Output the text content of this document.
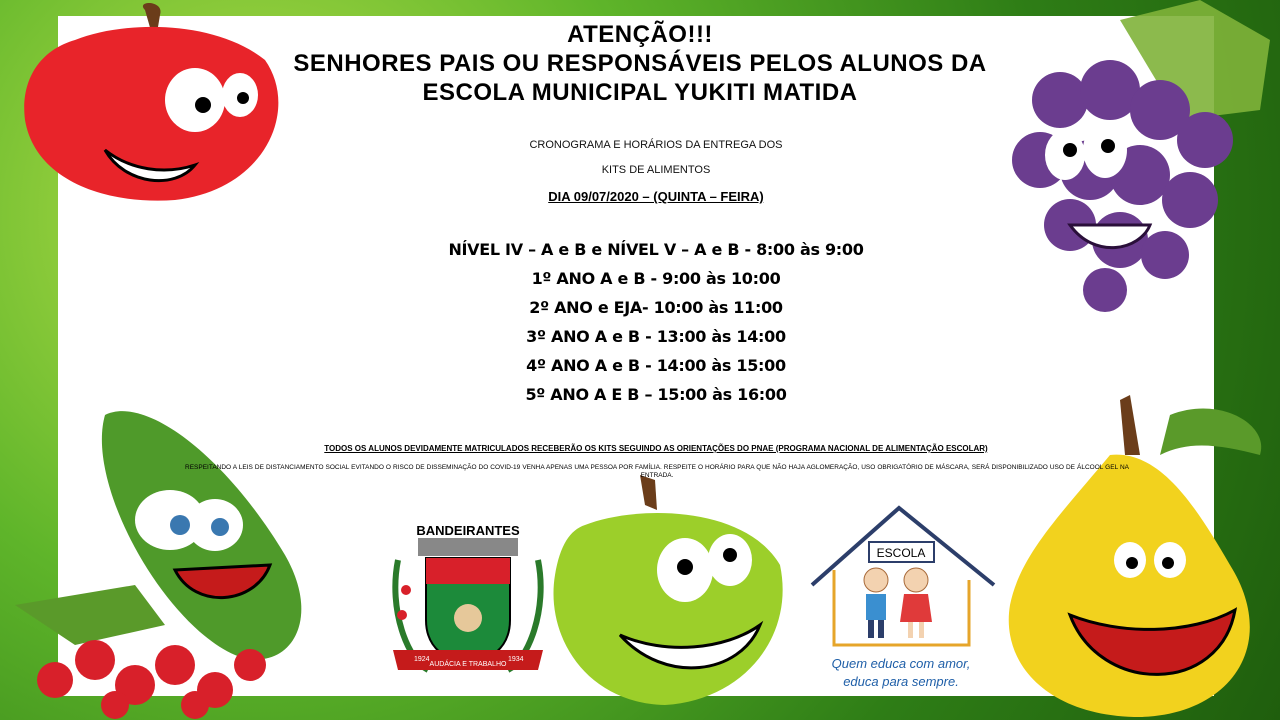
ATENÇÃO!!!
SENHORES PAIS OU RESPONSÁVEIS PELOS ALUNOS DA
ESCOLA MUNICIPAL YUKITI MATIDA
CRONOGRAMA E HORÁRIOS DA ENTREGA DOS
KITS DE ALIMENTOS
DIA 09/07/2020 – (QUINTA – FEIRA)
NÍVEL IV – A e B e NÍVEL V – A e B - 8:00 às 9:00
1º ANO A e B - 9:00 às 10:00
2º ANO e EJA- 10:00 às 11:00
3º ANO A e B - 13:00 às 14:00
4º ANO A e B - 14:00 às 15:00
5º ANO A E B – 15:00 às 16:00
TODOS OS ALUNOS DEVIDAMENTE MATRICULADOS RECEBERÃO OS KITS SEGUINDO AS ORIENTAÇÕES DO PNAE (PROGRAMA NACIONAL DE ALIMENTAÇÃO ESCOLAR)
RESPEITANDO A LEIS DE DISTANCIAMENTO SOCIAL EVITANDO O RISCO DE DISSEMINAÇÃO DO COVID-19 VENHA APENAS UMA PESSOA POR FAMÍLIA. RESPEITE O HORÁRIO PARA QUE NÃO HAJA AGLOMERAÇÃO, USO OBRIGATÓRIO DE MÁSCARA, SERÁ DISPONIBILIZADO USO DE ÁLCOOL GEL NA ENTRADA.
BANDEIRANTES
1924
AUDÁCIA E TRABALHO
1934
ESCOLA
Quem educa com amor,
educa para sempre.
